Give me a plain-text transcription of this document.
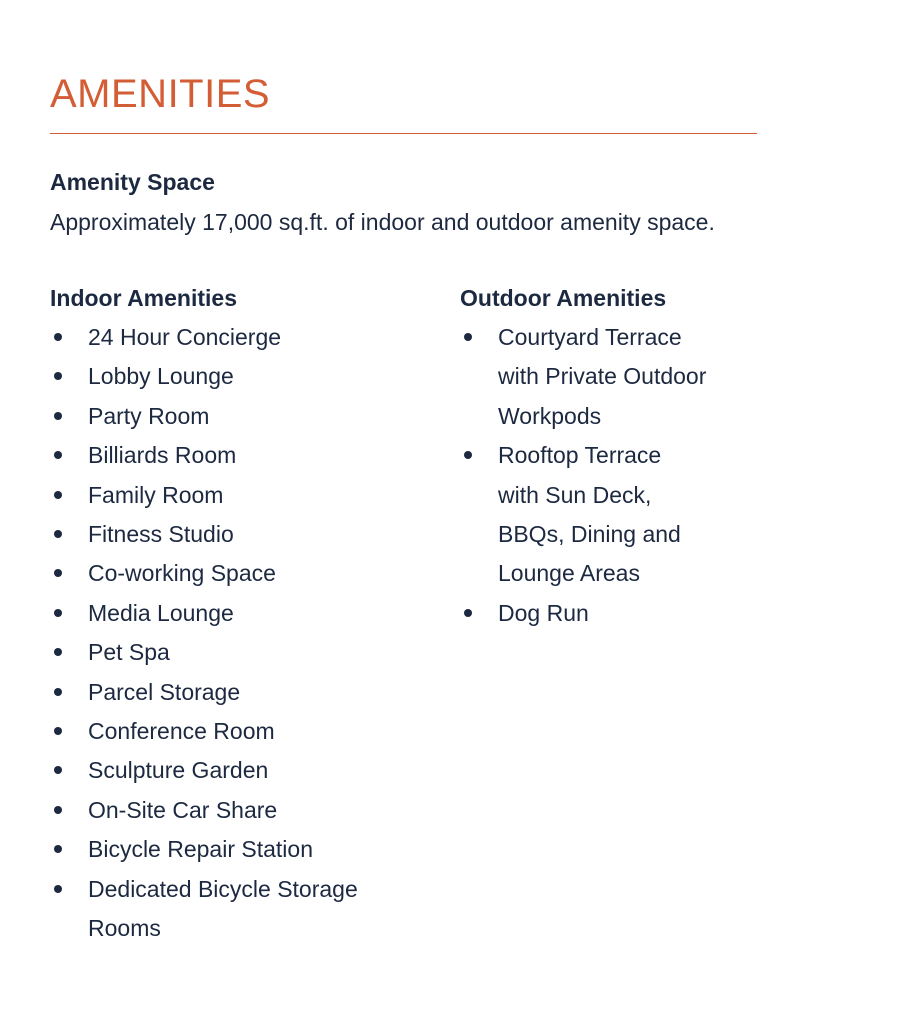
AMENITIES
Amenity Space

Approximately 17,000 sq.ft. of indoor and outdoor amenity space.

Indoor Amenities
24 Hour Concierge
Lobby Lounge
Party Room
Billiards Room
Family Room
Fitness Studio
Co-working Space
Media Lounge
Pet Spa
Parcel Storage
Conference Room
Sculpture Garden
On-Site Car Share
Bicycle Repair Station
Dedicated Bicycle Storage Rooms
Outdoor Amenities
Courtyard Terrace with Private Outdoor Workpods
Rooftop Terrace with Sun Deck, BBQs, Dining and Lounge Areas
Dog Run
